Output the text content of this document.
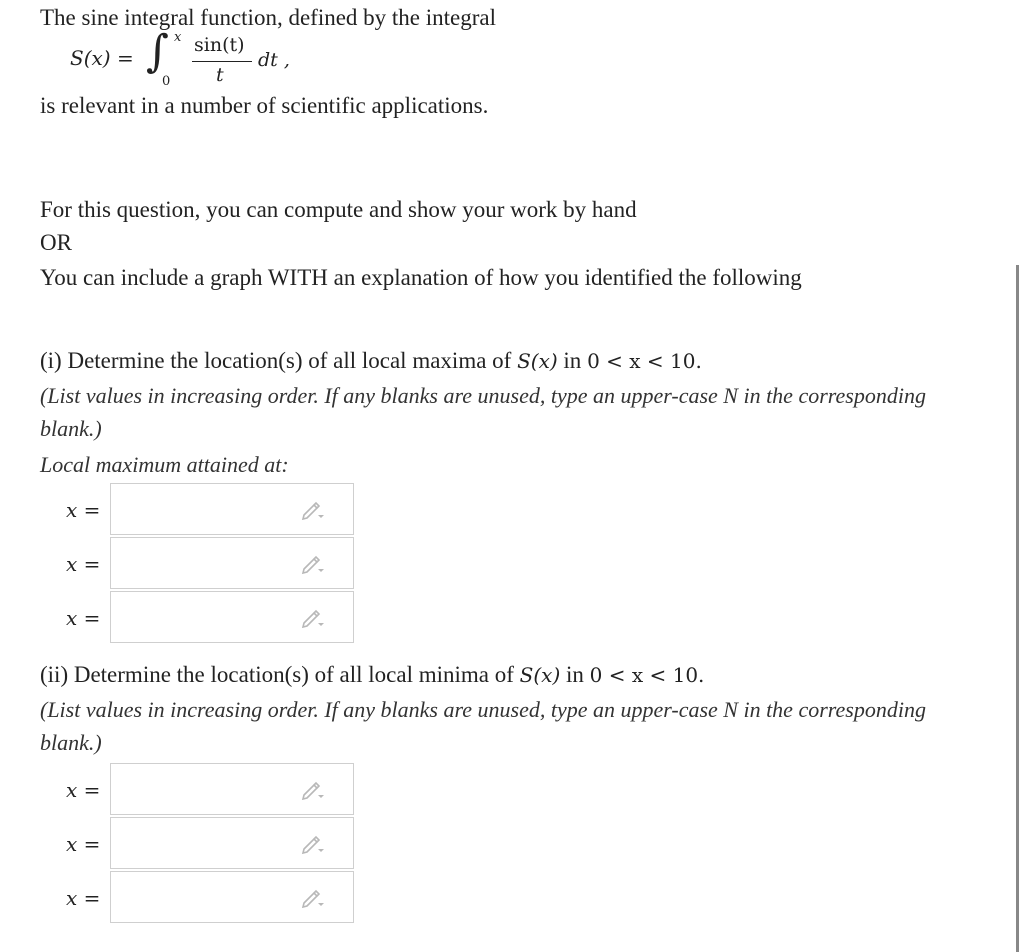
The sine integral function, defined by the integral
S(x) = ∫ x
0
sin(t)
t
dt ,
is relevant in a number of scientific applications.
For this question, you can compute and show your work by hand
OR
You can include a graph WITH an explanation of how you identified the following
(i) Determine the location(s) of all local maxima of S(x) in 0 < x < 10.
(List values in increasing order. If any blanks are unused, type an upper-case N in the corresponding
blank.)
Local maximum attained at:
x =
x =
x =
(ii) Determine the location(s) of all local minima of S(x) in 0 < x < 10.
(List values in increasing order. If any blanks are unused, type an upper-case N in the corresponding
blank.)
x =
x =
x =
